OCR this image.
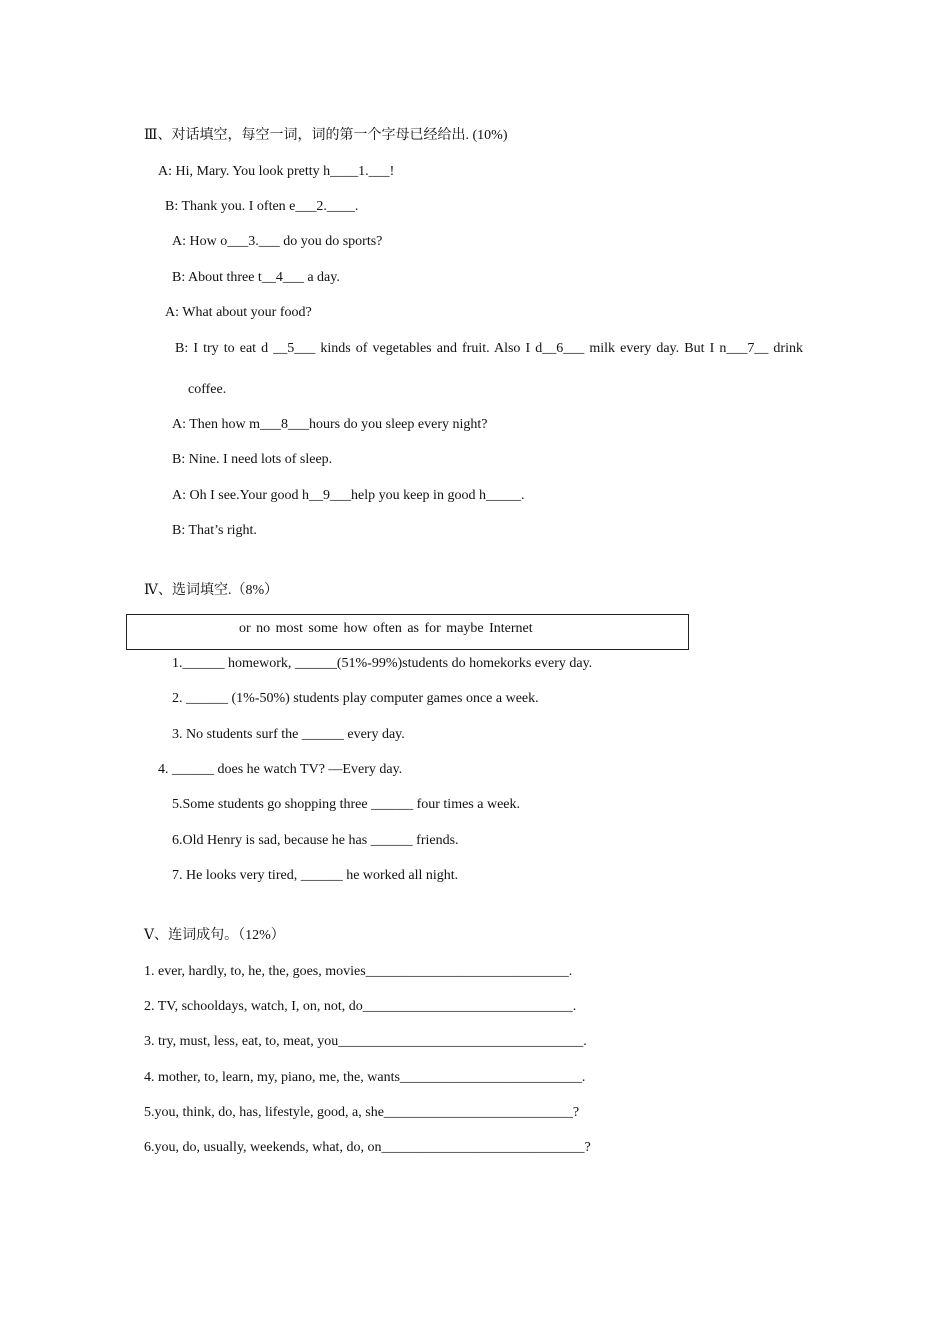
Ⅲ、对话填空，每空一词，词的第一个字母已经给出. (10%)
A: Hi, Mary. You look pretty h____1.___!
B: Thank you. I often e___2.____.
A: How o___3.___ do you do sports?
B: About three t__4___ a day.
A: What about your food?
B: I try to eat d __5___ kinds of vegetables and fruit. Also I d__6___ milk every day. But I n___7__ drink
coffee.
A: Then how m___8___hours do you sleep every night?
B: Nine. I need lots of sleep.
A: Oh I see.Your good h__9___help you keep in good h_____.
B: That’s right.
Ⅳ、选词填空.（8%）
or no most some how often as for maybe Internet
1.______ homework, ______(51%-99%)students do homekorks every day.
2. ______ (1%-50%) students play computer games once a week.
3. No students surf the ______ every day.
4. ______ does he watch TV? —Every day.
5.Some students go shopping three ______ four times a week.
6.Old Henry is sad, because he has ______ friends.
7. He looks very tired, ______ he worked all night.
Ⅴ、连词成句。（12%）
1. ever, hardly, to, he, the, goes, movies_____________________________.
2. TV, schooldays, watch, I, on, not, do______________________________.
3. try, must, less, eat, to, meat, you___________________________________.
4. mother, to, learn, my, piano, me, the, wants__________________________.
5.you, think, do, has, lifestyle, good, a, she___________________________?
6.you, do, usually, weekends, what, do, on_____________________________?
